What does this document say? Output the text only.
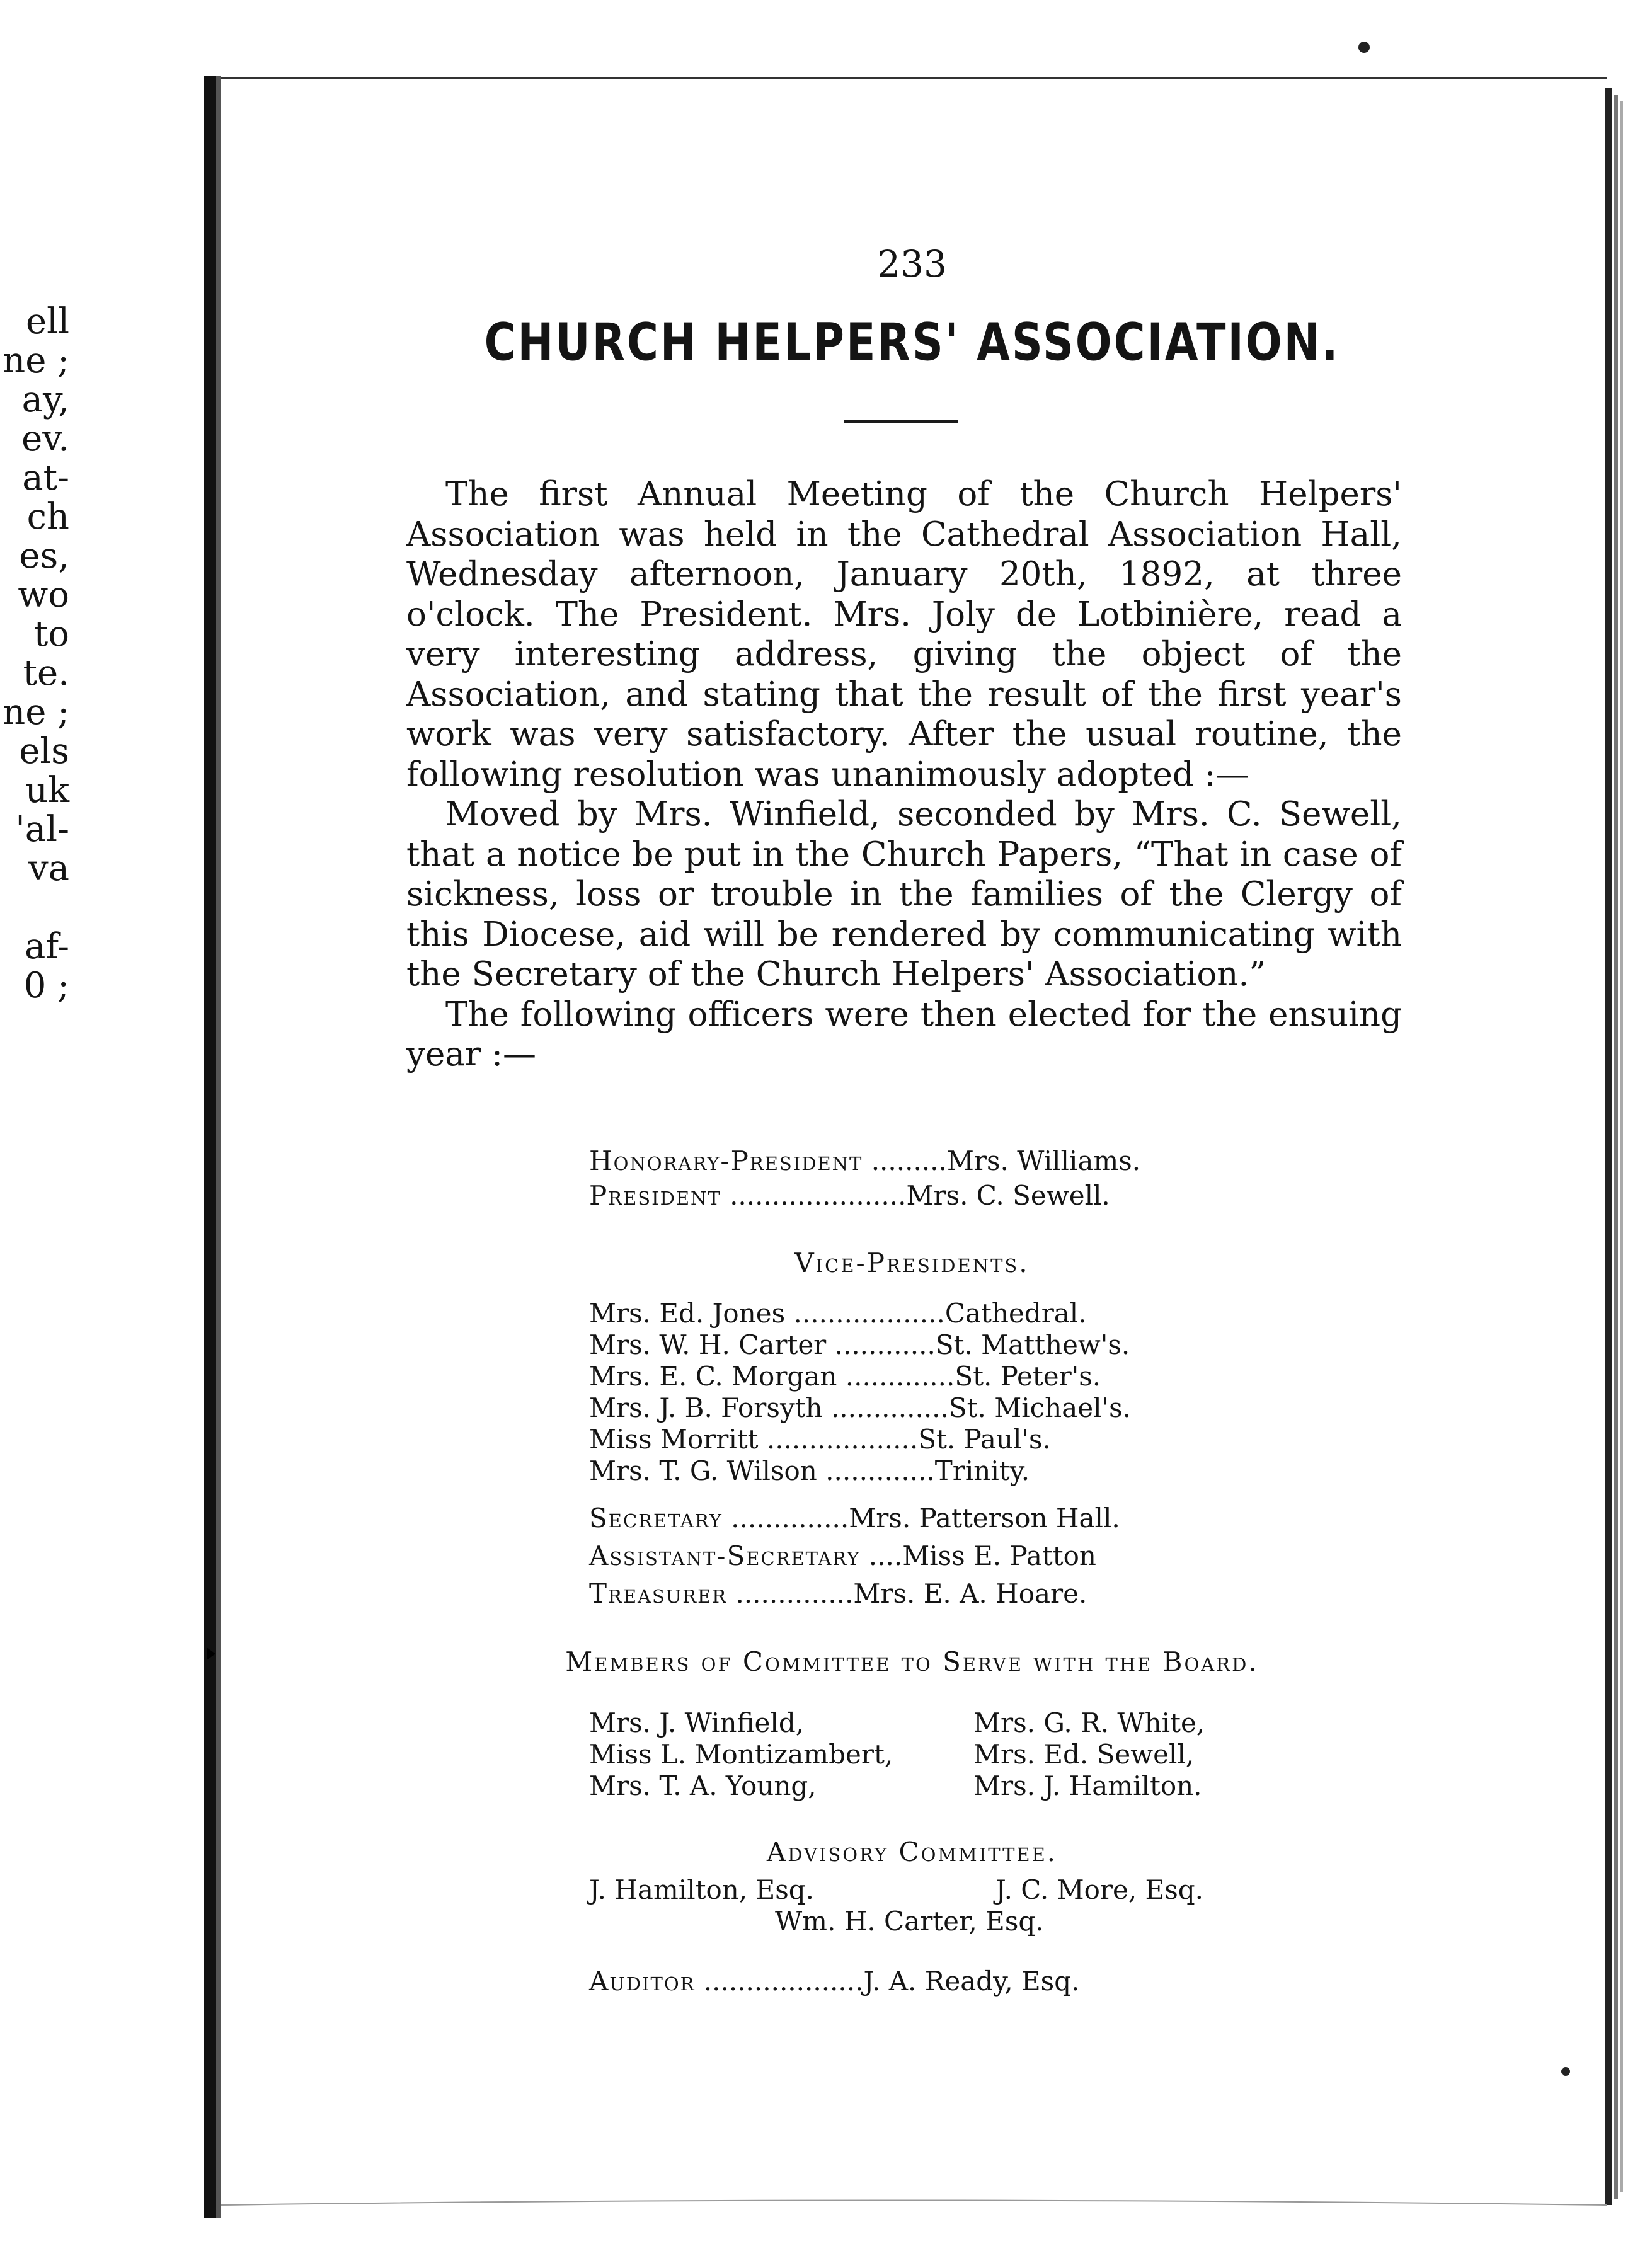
ell
ne ;
ay,
ev.
at-
ch
es,
wo
to
te.
ne ;
els
uk
'al-
va
af-
0 ;
233
CHURCH HELPERS' ASSOCIATION.

The first Annual Meeting of the Church Helpers' Association was held in the Cathedral Association Hall, Wednesday afternoon, January 20th, 1892, at three o'clock. The President. Mrs. Joly de Lotbinière, read a very interesting address, giving the object of the Association, and stating that the result of the first year's work was very satisfactory. After the usual routine, the following resolution was unanimously adopted :—

Moved by Mrs. Winfield, seconded by Mrs. C. Sewell, that a notice be put in the Church Papers, “That in case of sickness, loss or trouble in the families of the Clergy of this Diocese, aid will be rendered by communicating with the Secretary of the Church Helpers' Association.”

The following officers were then elected for the ensuing year :—

Honorary-President .........Mrs. Williams.
President .....................Mrs. C. Sewell.
Vice-Presidents.
Mrs. Ed. Jones ..................Cathedral.
Mrs. W. H. Carter ............St. Matthew's.
Mrs. E. C. Morgan .............St. Peter's.
Mrs. J. B. Forsyth ..............St. Michael's.
Miss Morritt ..................St. Paul's.
Mrs. T. G. Wilson .............Trinity.
Secretary ..............Mrs. Patterson Hall.
Assistant-Secretary ....Miss E. Patton
Treasurer ..............Mrs. E. A. Hoare.
Members of Committee to Serve with the Board.
Mrs. J. Winfield,
Miss L. Montizambert,
Mrs. T. A. Young,
Mrs. G. R. White,
Mrs. Ed. Sewell,
Mrs. J. Hamilton.
Advisory Committee.
J. Hamilton, Esq.	J. C. More, Esq.
Wm. H. Carter, Esq.
Auditor ...................J. A. Ready, Esq.
